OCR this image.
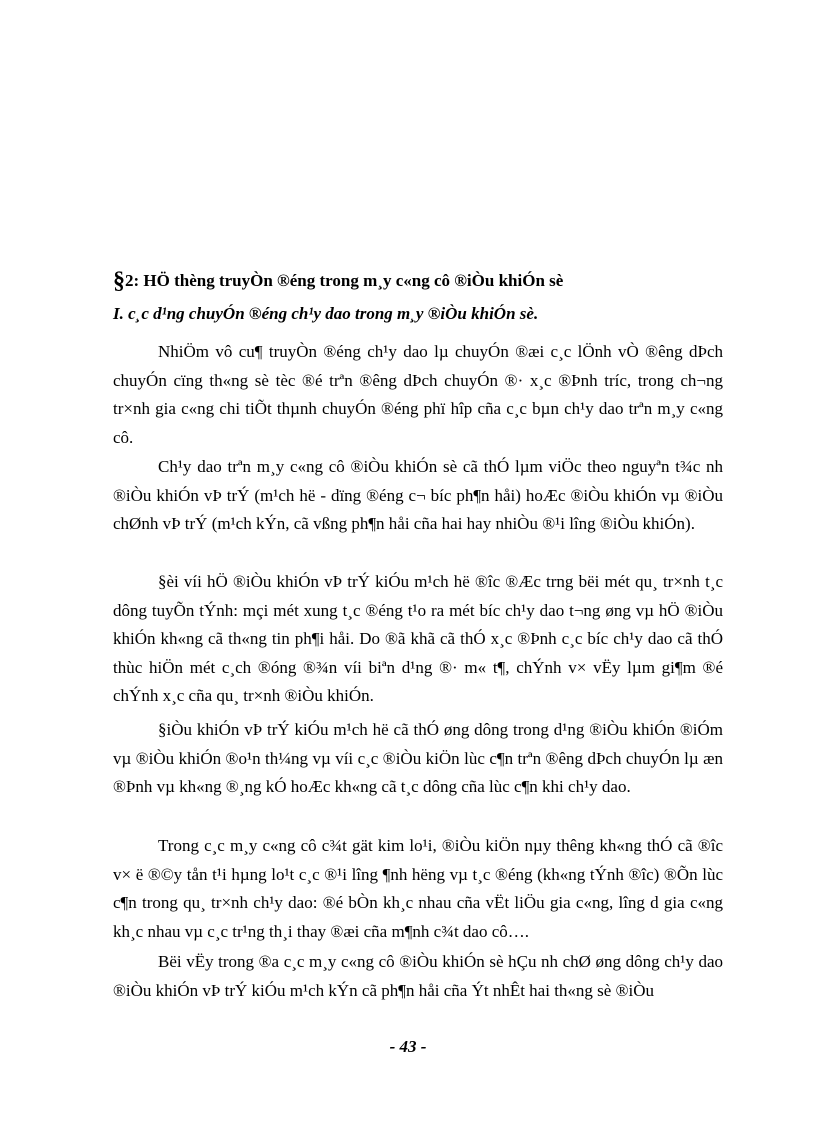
§2: HÖ thèng truyÒn ®éng trong m¸y c«ng cô ®iÒu khiÓn sè
I. c¸c d¹ng chuyÓn ®éng ch¹y dao trong m¸y ®iÒu khiÓn sè.

NhiÖm vô cu¶ truyÒn ®éng ch¹y dao lµ chuyÓn ®æi c¸c lÖnh vÒ ®êng dÞch chuyÓn cïng th«ng sè tèc ®é trªn ®êng dÞch chuyÓn ®· x¸c ®Þnh tríc, trong ch¬ng tr×nh gia c«ng chi tiÕt thµnh chuyÓn ®éng phï hîp cña c¸c bµn ch¹y dao trªn m¸y c«ng cô.

Ch¹y dao trªn m¸y c«ng cô ®iÒu khiÓn sè cã thÓ lµm viÖc theo nguyªn t¾c nh ®iÒu khiÓn vÞ trÝ (m¹ch hë - dïng ®éng c¬ bíc ph¶n håi) hoÆc ®iÒu khiÓn vµ ®iÒu chØnh vÞ trÝ (m¹ch kÝn, cã vßng ph¶n håi cña hai hay nhiÒu ®¹i lîng ®iÒu khiÓn).

§èi víi hÖ ®iÒu khiÓn vÞ trÝ kiÓu m¹ch hë ®îc ®Æc trng bëi mét qu¸ tr×nh t¸c dông tuyÕn tÝnh: mçi mét xung t¸c ®éng t¹o ra mét bíc ch¹y dao t¬ng øng vµ hÖ ®iÒu khiÓn kh«ng cã th«ng tin ph¶i håi. Do ®ã khã cã thÓ x¸c ®Þnh c¸c bíc ch¹y dao cã thÓ thùc hiÖn mét c¸ch ®óng ®¾n víi biªn d¹ng ®· m« t¶, chÝnh v× vËy lµm gi¶m ®é chÝnh x¸c cña qu¸ tr×nh ®iÒu khiÓn.

§iÒu khiÓn vÞ trÝ kiÓu m¹ch hë cã thÓ øng dông trong d¹ng ®iÒu khiÓn ®iÓm vµ ®iÒu khiÓn ®o¹n th¼ng vµ víi c¸c ®iÒu kiÖn lùc c¶n trªn ®êng dÞch chuyÓn lµ æn ®Þnh vµ kh«ng ®¸ng kÓ hoÆc kh«ng cã t¸c dông cña lùc c¶n khi ch¹y dao.

Trong c¸c m¸y c«ng cô c¾t gät kim lo¹i, ®iÒu kiÖn nµy thêng kh«ng thÓ cã ®îc v× ë ®©y tån t¹i hµng lo¹t c¸c ®¹i lîng ¶nh hëng vµ t¸c ®éng (kh«ng tÝnh ®îc) ®Õn lùc c¶n trong qu¸ tr×nh ch¹y dao: ®é bÒn kh¸c nhau cña vËt liÖu gia c«ng, lîng d gia c«ng kh¸c nhau vµ c¸c tr¹ng th¸i thay ®æi cña m¶nh c¾t dao cô….

Bëi vËy trong ®a c¸c m¸y c«ng cô ®iÒu khiÓn sè hÇu nh chØ øng dông ch¹y dao ®iÒu khiÓn vÞ trÝ kiÓu m¹ch kÝn cã ph¶n håi cña Ýt nhÊt hai th«ng sè ®iÒu

- 43 -
